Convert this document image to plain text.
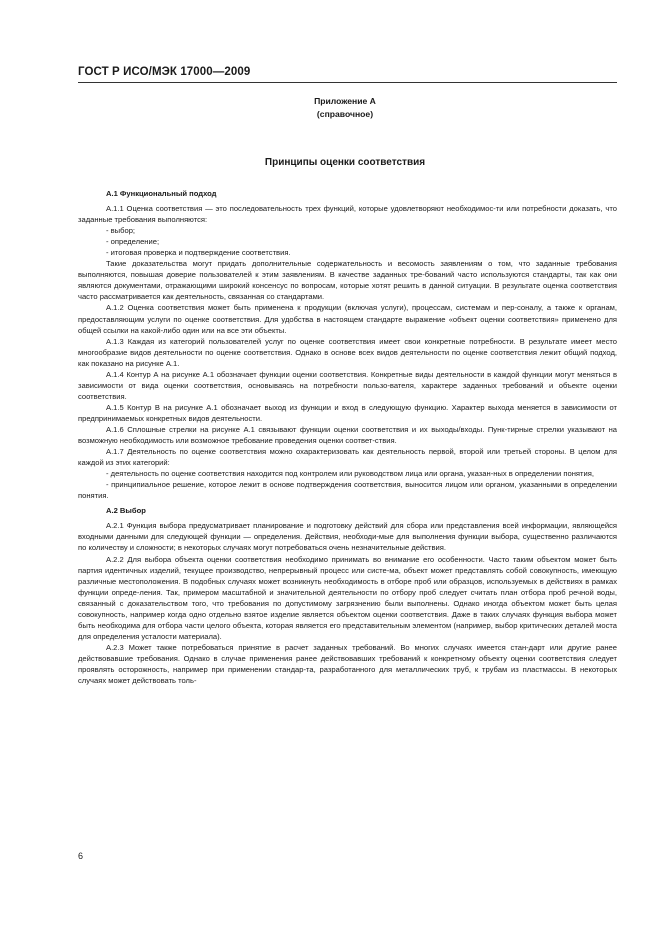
ГОСТ Р ИСО/МЭК 17000—2009
Приложение А
(справочное)
Принципы оценки соответствия

А.1 Функциональный подход

А.1.1 Оценка соответствия — это последовательность трех функций, которые удовлетворяют необходимос-ти или потребности доказать, что заданные требования выполняются:

- выбор;

- определение;

- итоговая проверка и подтверждение соответствия.

Такие доказательства могут придать дополнительные содержательность и весомость заявлениям о том, что заданные требования выполняются, повышая доверие пользователей к этим заявлениям. В качестве заданных тре-бований часто используются стандарты, так как они являются документами, отражающими широкий консенсус по вопросам, которые хотят решить в данной ситуации. В результате оценка соответствия часто рассматривается как деятельность, связанная со стандартами.

А.1.2 Оценка соответствия может быть применена к продукции (включая услуги), процессам, системам и пер-соналу, а также к органам, предоставляющим услуги по оценке соответствия. Для удобства в настоящем стандарте выражение «объект оценки соответствия» применено для общей ссылки на какой-либо один или на все эти объекты.

А.1.3 Каждая из категорий пользователей услуг по оценке соответствия имеет свои конкретные потребности. В результате имеет место многообразие видов деятельности по оценке соответствия. Однако в основе всех видов деятельности по оценке соответствия лежит общий подход, как показано на рисунке А.1.

А.1.4 Контур А на рисунке А.1 обозначает функции оценки соответствия. Конкретные виды деятельности в каждой функции могут меняться в зависимости от вида оценки соответствия, основываясь на потребности пользо-вателя, характере заданных требований и объекте оценки соответствия.

А.1.5 Контур В на рисунке А.1 обозначает выход из функции и вход в следующую функцию. Характер выхода меняется в зависимости от предпринимаемых конкретных видов деятельности.

А.1.6 Сплошные стрелки на рисунке А.1 связывают функции оценки соответствия и их выходы/входы. Пунк-тирные стрелки указывают на возможную необходимость или возможное требование проведения оценки соответ-ствия.

А.1.7 Деятельность по оценке соответствия можно охарактеризовать как деятельность первой, второй или третьей стороны. В целом для каждой из этих категорий:

- деятельность по оценке соответствия находится под контролем или руководством лица или органа, указан-ных в определении понятия,

- принципиальное решение, которое лежит в основе подтверждения соответствия, выносится лицом или органом, указанными в определении понятия.

А.2 Выбор

А.2.1 Функция выбора предусматривает планирование и подготовку действий для сбора или представления всей информации, являющейся входными данными для следующей функции — определения. Действия, необходи-мые для выполнения функции выбора, существенно различаются по количеству и сложности; в некоторых случаях могут потребоваться очень незначительные действия.

А.2.2 Для выбора объекта оценки соответствия необходимо принимать во внимание его особенности. Часто таким объектом может быть партия идентичных изделий, текущее производство, непрерывный процесс или систе-ма, объект может представлять собой совокупность, имеющую различные местоположения. В подобных случаях может возникнуть необходимость в отборе проб или образцов, используемых в действиях в рамках функции опреде-ления. Так, примером масштабной и значительной деятельности по отбору проб следует считать план отбора проб речной воды, связанный с доказательством того, что требования по допустимому загрязнению были выполнены. Однако иногда объектом может быть целая совокупность, например когда одно отдельно взятое изделие является объектом оценки соответствия. Даже в таких случаях функция выбора может быть необходима для отбора части целого объекта, которая является его представительным элементом (например, выбор критических деталей моста для определения усталости материала).

А.2.3 Может также потребоваться принятие в расчет заданных требований. Во многих случаях имеется стан-дарт или другие ранее действовавшие требования. Однако в случае применения ранее действовавших требований к конкретному объекту оценки соответствия следует проявлять осторожность, например при применении стандар-та, разработанного для металлических труб, к трубам из пластмассы. В некоторых случаях может действовать толь-

6
